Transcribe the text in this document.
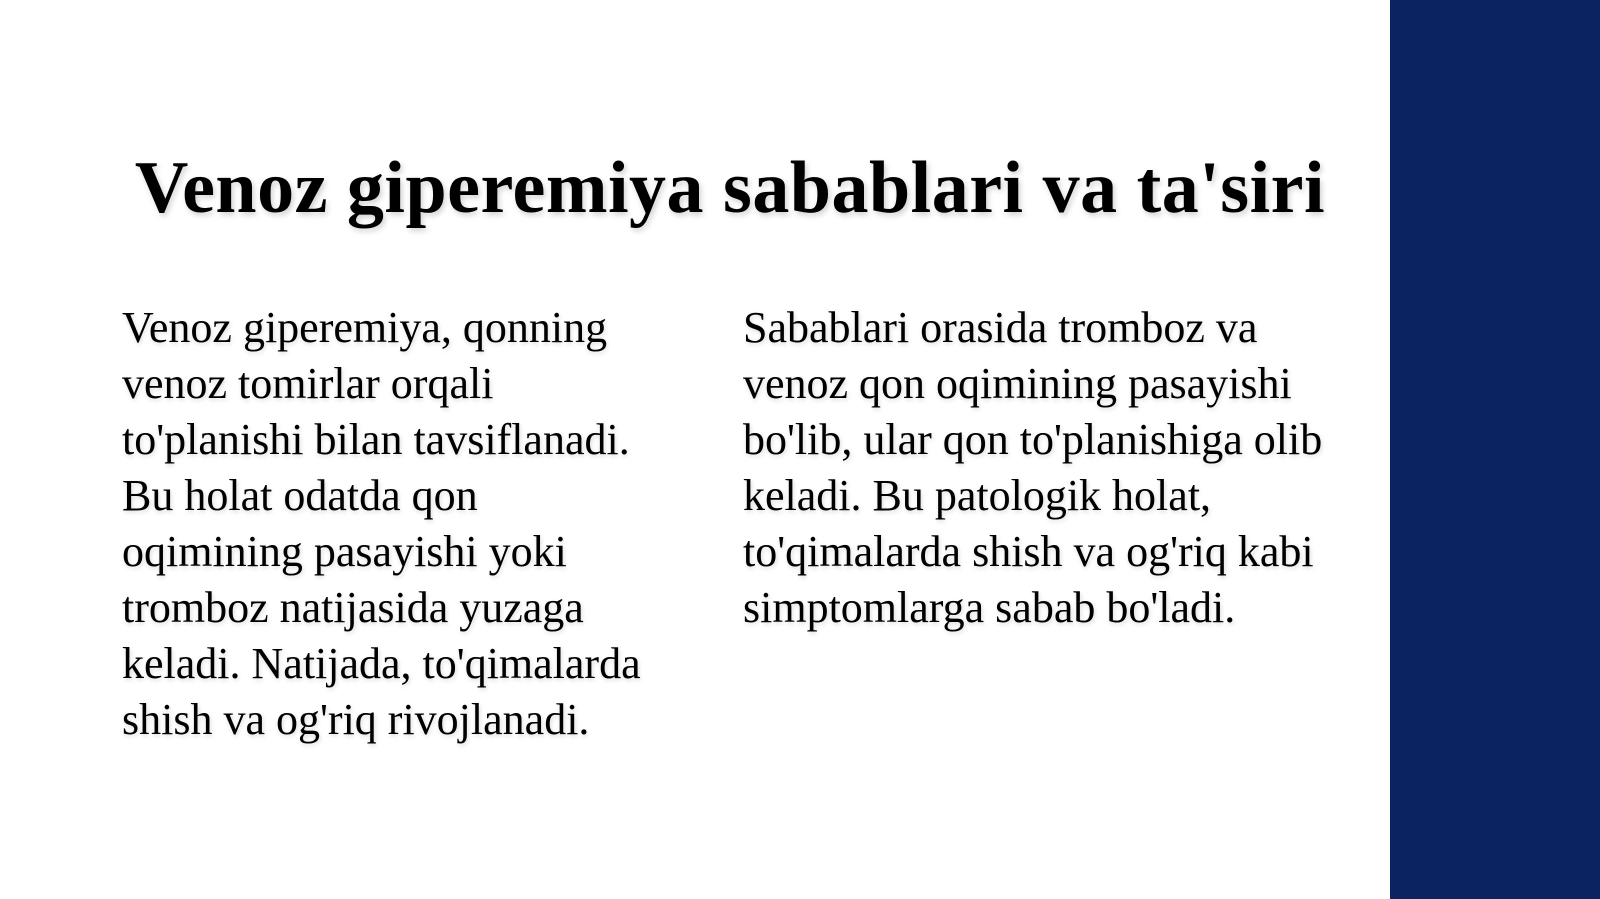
Venoz giperemiya sabablari va ta'siri

Venoz giperemiya, qonning venoz tomirlar orqali to'planishi bilan tavsiflanadi. Bu holat odatda qon oqimining pasayishi yoki tromboz natijasida yuzaga keladi. Natijada, to'qimalarda shish va og'riq rivojlanadi.

Sabablari orasida tromboz va venoz qon oqimining pasayishi bo'lib, ular qon to'planishiga olib keladi. Bu patologik holat, to'qimalarda shish va og'riq kabi simptomlarga sabab bo'ladi.
